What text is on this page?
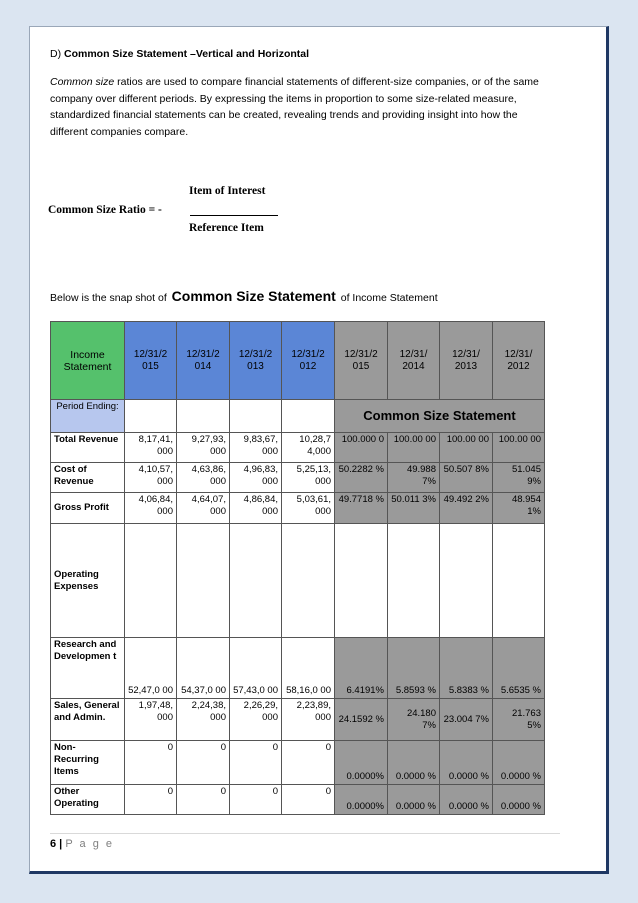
D) Common Size Statement –Vertical and Horizontal
Common size ratios are used to compare financial statements of different-size companies, or of the same company over different periods. By expressing the items in proportion to some size-related measure, standardized financial statements can be created, revealing trends and providing insight into how the different companies compare.
Item of Interest
Common Size Ratio = -
Reference Item
Below is the snap shot of Common Size Statement of Income Statement
Income Statement	12/31/2 015	12/31/2 014	12/31/2 013	12/31/2 012	12/31/2 015	12/31/ 2014	12/31/ 2013	12/31/ 2012
Period Ending:					Common Size Statement			
Total Revenue	8,17,41, 000	9,27,93, 000	9,83,67, 000	10,28,7 4,000	100.000 0	100.00 00	100.00 00	100.00 00
Cost of Revenue	4,10,57, 000	4,63,86, 000	4,96,83, 000	5,25,13, 000	50.2282 %	49.988 7%	50.507 8%	51.045 9%
Gross Profit	4,06,84, 000	4,64,07, 000	4,86,84, 000	5,03,61, 000	49.7718 %	50.011 3%	49.492 2%	48.954 1%
Operating Expenses								
Research and Developmen t	52,47,0 00	54,37,0 00	57,43,0 00	58,16,0 00	6.4191%	5.8593 %	5.8383 %	5.6535 %
Sales, General and Admin.	1,97,48, 000	2,24,38, 000	2,26,29, 000	2,23,89, 000	24.1592 %	24.180 7%	23.004 7%	21.763 5%
Non- Recurring Items	0	0	0	0	0.0000%	0.0000 %	0.0000 %	0.0000 %
Other Operating	0	0	0	0	0.0000%	0.0000 %	0.0000 %	0.0000 %
6 | P a g e
